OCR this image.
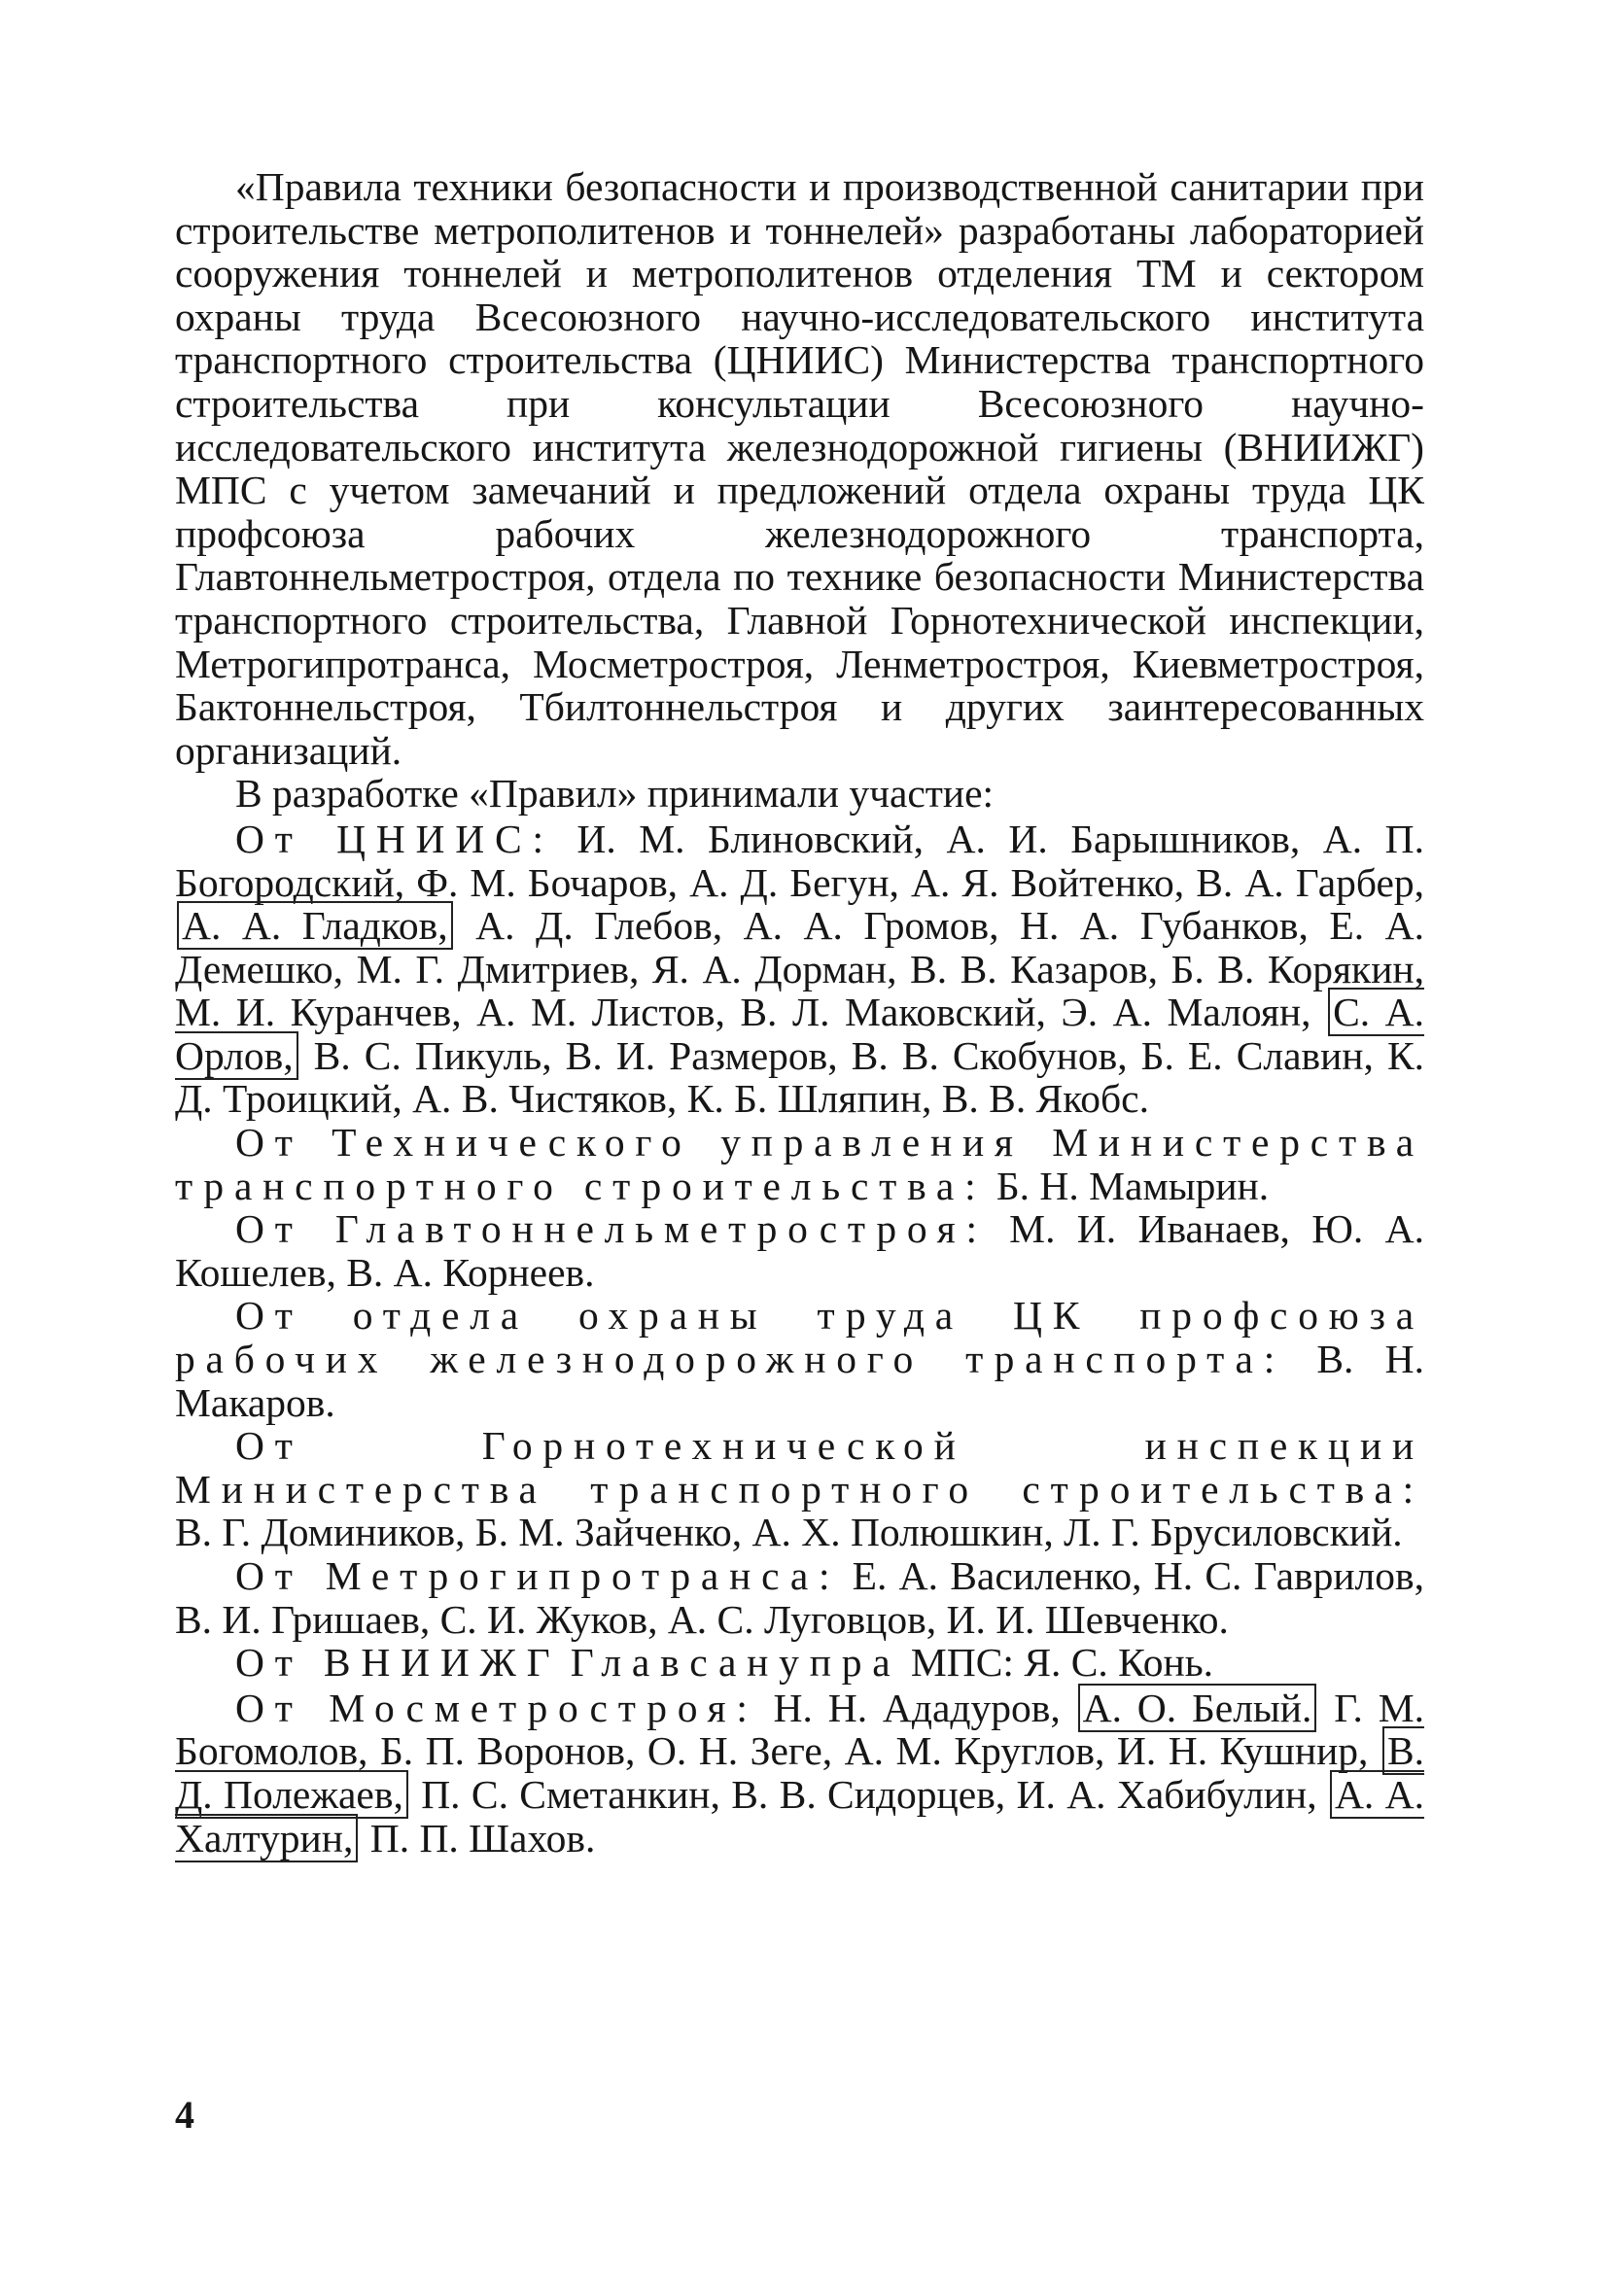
«Правила техники безопасности и производственной санитарии при строительстве метрополитенов и тоннелей» разработаны лабораторией сооружения тоннелей и метрополитенов отделения ТМ и сектором охраны труда Всесоюзного научно-исследовательского института транспортного строительства (ЦНИИС) Министерства транспортного строительства при консультации Всесоюзного научно-исследовательского института железнодорожной гигиены (ВНИИЖГ) МПС с учетом замечаний и предложений отдела охраны труда ЦК профсоюза рабочих железнодорожного транспорта, Главтоннельметростроя, отдела по технике безопасности Министерства транспортного строительства, Главной Горнотехнической инспекции, Метрогипротранса, Мосметростроя, Ленметростроя, Киевметростроя, Бактоннельстроя, Тбилтоннельстроя и других заинтересованных организаций.

В разработке «Правил» принимали участие:

От ЦНИИС: И. М. Блиновский, А. И. Барышников, А. П. Богородский, Ф. М. Бочаров, А. Д. Бегун, А. Я. Войтенко, В. А. Гарбер, А. А. Гладков, А. Д. Глебов, А. А. Громов, Н. А. Губанков, Е. А. Демешко, М. Г. Дмитриев, Я. А. Дорман, В. В. Казаров, Б. В. Корякин, М. И. Куранчев, А. М. Листов, В. Л. Маковский, Э. А. Малоян, С. А. Орлов, В. С. Пикуль, В. И. Размеров, В. В. Скобунов, Б. Е. Славин, К. Д. Троицкий, А. В. Чистяков, К. Б. Шляпин, В. В. Якобс.

От Технического управления Министерства транспортного строительства: Б. Н. Мамырин.

От Главтоннельметростроя: М. И. Иванаев, Ю. А. Кошелев, В. А. Корнеев.

От отдела охраны труда ЦК профсоюза рабочих железнодорожного транспорта: В. Н. Макаров.

От Горнотехнической инспекции Министерства транспортного строительства: В. Г. Домиников, Б. М. Зайченко, А. Х. Полюшкин, Л. Г. Брусиловский.

От Метрогипротранса: Е. А. Василенко, Н. С. Гаврилов, В. И. Гришаев, С. И. Жуков, А. С. Луговцов, И. И. Шевченко.

От ВНИИЖГ Главсанупра МПС: Я. С. Конь.

От Мосметростроя: Н. Н. Ададуров, А. О. Белый. Г. М. Богомолов, Б. П. Воронов, О. Н. Зеге, А. М. Круглов, И. Н. Кушнир, В. Д. Полежаев, П. С. Сметанкин, В. В. Сидорцев, И. А. Хабибулин, А. А. Халтурин, П. П. Шахов.

4
